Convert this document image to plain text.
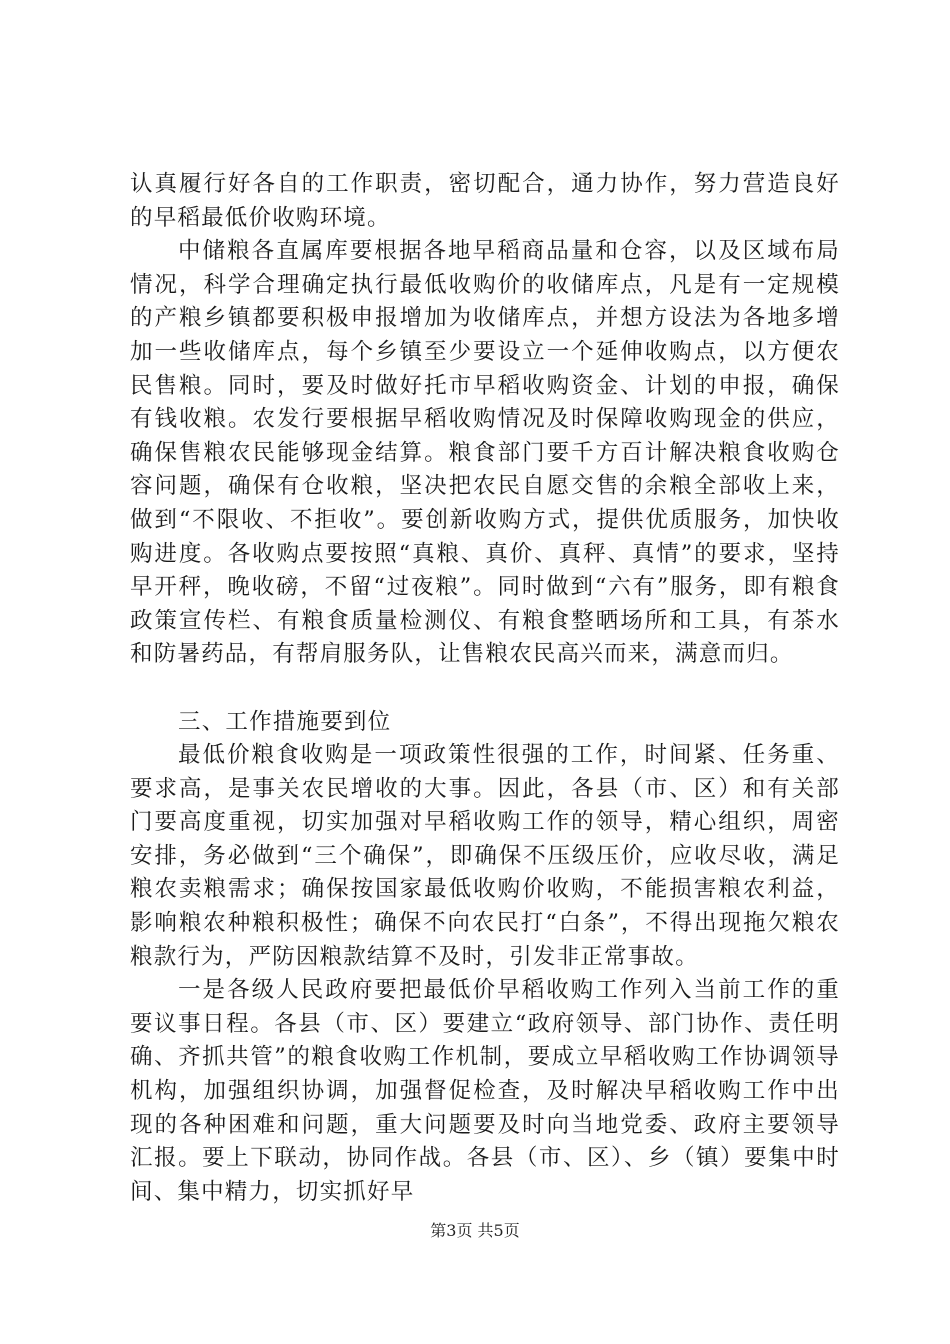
认真履行好各自的工作职责，密切配合，通力协作，努力营造良好的早稻最低价收购环境。

中储粮各直属库要根据各地早稻商品量和仓容，以及区域布局情况，科学合理确定执行最低收购价的收储库点，凡是有一定规模的产粮乡镇都要积极申报增加为收储库点，并想方设法为各地多增加一些收储库点，每个乡镇至少要设立一个延伸收购点，以方便农民售粮。同时，要及时做好托市早稻收购资金、计划的申报，确保有钱收粮。农发行要根据早稻收购情况及时保障收购现金的供应，确保售粮农民能够现金结算。粮食部门要千方百计解决粮食收购仓容问题，确保有仓收粮，坚决把农民自愿交售的余粮全部收上来，做到“不限收、不拒收”。要创新收购方式，提供优质服务，加快收购进度。各收购点要按照“真粮、真价、真秤、真情”的要求，坚持早开秤，晚收磅，不留“过夜粮”。同时做到“六有”服务，即有粮食政策宣传栏、有粮食质量检测仪、有粮食整晒场所和工具，有茶水和防暑药品，有帮肩服务队，让售粮农民高兴而来，满意而归。

三、工作措施要到位

最低价粮食收购是一项政策性很强的工作，时间紧、任务重、要求高，是事关农民增收的大事。因此，各县（市、区）和有关部门要高度重视，切实加强对早稻收购工作的领导，精心组织，周密安排，务必做到“三个确保”，即确保不压级压价，应收尽收，满足粮农卖粮需求；确保按国家最低收购价收购，不能损害粮农利益，影响粮农种粮积极性；确保不向农民打“白条”，不得出现拖欠粮农粮款行为，严防因粮款结算不及时，引发非正常事故。

一是各级人民政府要把最低价早稻收购工作列入当前工作的重要议事日程。各县（市、区）要建立“政府领导、部门协作、责任明确、齐抓共管”的粮食收购工作机制，要成立早稻收购工作协调领导机构，加强组织协调，加强督促检查，及时解决早稻收购工作中出现的各种困难和问题，重大问题要及时向当地党委、政府主要领导汇报。要上下联动，协同作战。各县（市、区）、乡（镇）要集中时间、集中精力，切实抓好早

第3页 共5页
